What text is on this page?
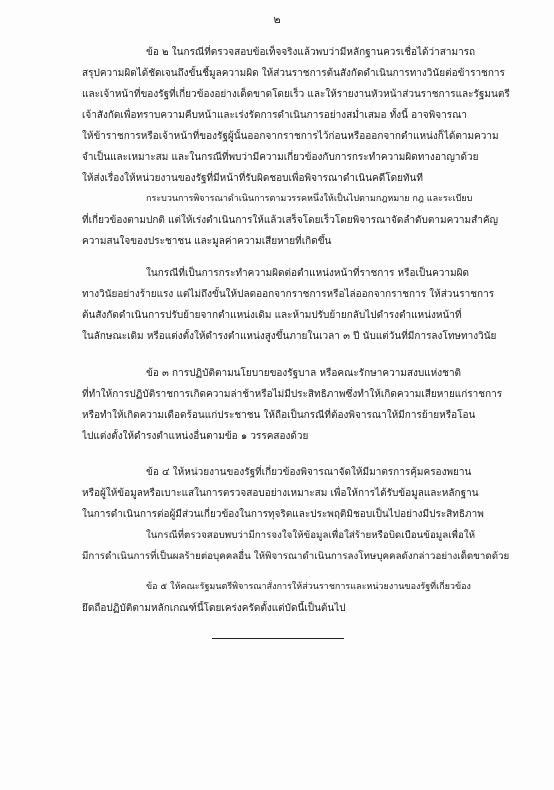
๒
ข้อ ๒ ในกรณีที่ตรวจสอบข้อเท็จจริงแล้วพบว่ามีหลักฐานควรเชื่อได้ว่าสามารถ
สรุปความผิดได้ชัดเจนถึงขั้นชี้มูลความผิด ให้ส่วนราชการต้นสังกัดดำเนินการทางวินัยต่อข้าราชการ
และเจ้าหน้าที่ของรัฐที่เกี่ยวข้องอย่างเด็ดขาดโดยเร็ว และให้รายงานหัวหน้าส่วนราชการและรัฐมนตรี
เจ้าสังกัดเพื่อทราบความคืบหน้าและเร่งรัดการดำเนินการอย่างสม่ำเสมอ ทั้งนี้ อาจพิจารณา
ให้ข้าราชการหรือเจ้าหน้าที่ของรัฐผู้นั้นออกจากราชการไว้ก่อนหรือออกจากตำแหน่งก็ได้ตามความ
จำเป็นและเหมาะสม และในกรณีที่พบว่ามีความเกี่ยวข้องกับการกระทำความผิดทางอาญาด้วย
ให้ส่งเรื่องให้หน่วยงานของรัฐที่มีหน้าที่รับผิดชอบเพื่อพิจารณาดำเนินคดีโดยทันที
กระบวนการพิจารณาดำเนินการตามวรรคหนึ่งให้เป็นไปตามกฎหมาย กฎ และระเบียบ
ที่เกี่ยวข้องตามปกติ แต่ให้เร่งดำเนินการให้แล้วเสร็จโดยเร็วโดยพิจารณาจัดลำดับตามความสำคัญ
ความสนใจของประชาชน และมูลค่าความเสียหายที่เกิดขึ้น
ในกรณีที่เป็นการกระทำความผิดต่อตำแหน่งหน้าที่ราชการ หรือเป็นความผิด
ทางวินัยอย่างร้ายแรง แต่ไม่ถึงขั้นให้ปลดออกจากราชการหรือไล่ออกจากราชการ ให้ส่วนราชการ
ต้นสังกัดดำเนินการปรับย้ายจากตำแหน่งเดิม และห้ามปรับย้ายกลับไปดำรงตำแหน่งหน้าที่
ในลักษณะเดิม หรือแต่งตั้งให้ดำรงตำแหน่งสูงขึ้นภายในเวลา ๓ ปี นับแต่วันที่มีการลงโทษทางวินัย
ข้อ ๓ การปฏิบัติตามนโยบายของรัฐบาล หรือคณะรักษาความสงบแห่งชาติ
ที่ทำให้การปฏิบัติราชการเกิดความล่าช้าหรือไม่มีประสิทธิภาพซึ่งทำให้เกิดความเสียหายแก่ราชการ
หรือทำให้เกิดความเดือดร้อนแก่ประชาชน ให้ถือเป็นกรณีที่ต้องพิจารณาให้มีการย้ายหรือโอน
ไปแต่งตั้งให้ดำรงตำแหน่งอื่นตามข้อ ๑ วรรคสองด้วย
ข้อ ๔ ให้หน่วยงานของรัฐที่เกี่ยวข้องพิจารณาจัดให้มีมาตรการคุ้มครองพยาน
หรือผู้ให้ข้อมูลหรือเบาะแสในการตรวจสอบอย่างเหมาะสม เพื่อให้การได้รับข้อมูลและหลักฐาน
ในการดำเนินการต่อผู้มีส่วนเกี่ยวข้องในการทุจริตและประพฤติมิชอบเป็นไปอย่างมีประสิทธิภาพ
ในกรณีที่ตรวจสอบพบว่ามีการจงใจให้ข้อมูลเพื่อใส่ร้ายหรือบิดเบือนข้อมูลเพื่อให้
มีการดำเนินการที่เป็นผลร้ายต่อบุคคลอื่น ให้พิจารณาดำเนินการลงโทษบุคคลดังกล่าวอย่างเด็ดขาดด้วย
ข้อ ๕ ให้คณะรัฐมนตรีพิจารณาสั่งการให้ส่วนราชการและหน่วยงานของรัฐที่เกี่ยวข้อง
ยึดถือปฏิบัติตามหลักเกณฑ์นี้โดยเคร่งครัดตั้งแต่บัดนี้เป็นต้นไป
